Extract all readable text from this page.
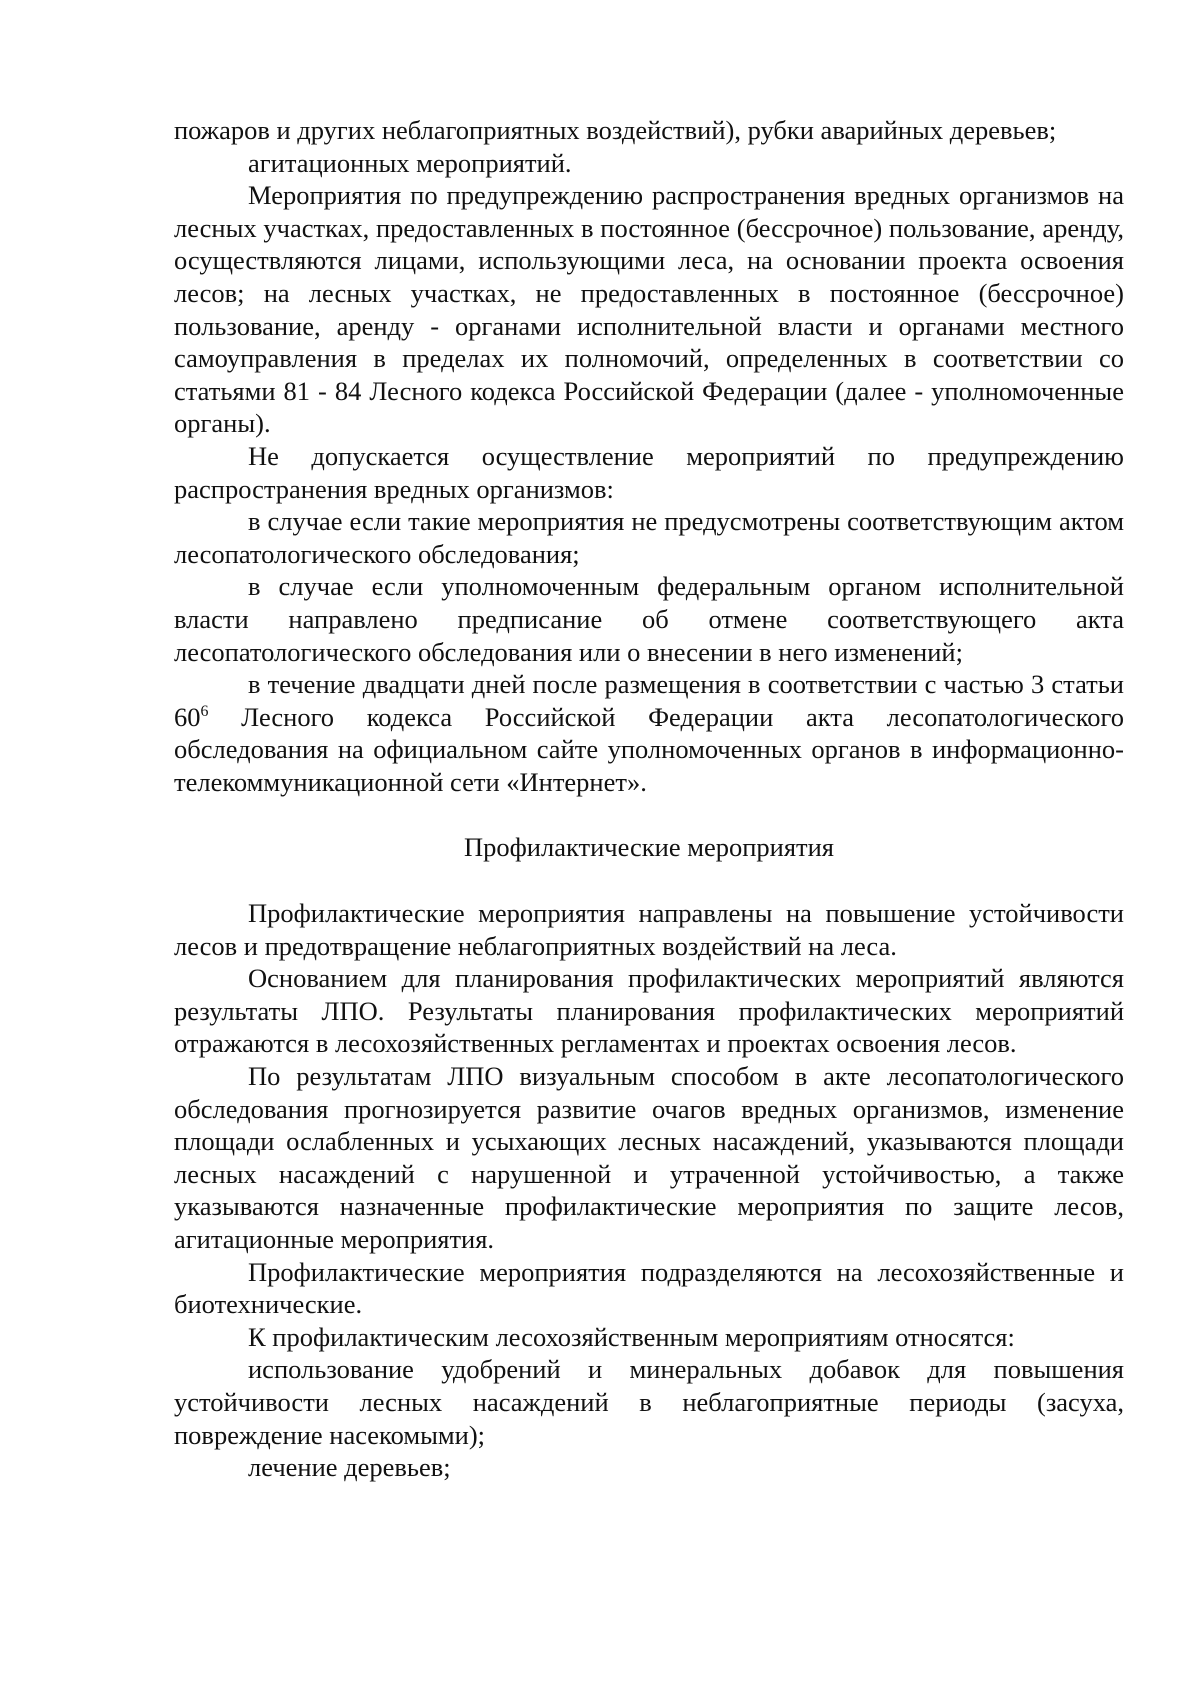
пожаров и других неблагоприятных воздействий), рубки аварийных деревьев;

агитационных мероприятий.

Мероприятия по предупреждению распространения вредных организмов на лесных участках, предоставленных в постоянное (бессрочное) пользование, аренду, осуществляются лицами, использующими леса, на основании проекта освоения лесов; на лесных участках, не предоставленных в постоянное (бессрочное) пользование, аренду - органами исполнительной власти и органами местного самоуправления в пределах их полномочий, определенных в соответствии со статьями 81 - 84 Лесного кодекса Российской Федерации (далее - уполномоченные органы).

Не допускается осуществление мероприятий по предупреждению распространения вредных организмов:

в случае если такие мероприятия не предусмотрены соответствующим актом лесопатологического обследования;

в случае если уполномоченным федеральным органом исполнительной власти направлено предписание об отмене соответствующего акта лесопатологического обследования или о внесении в него изменений;

в течение двадцати дней после размещения в соответствии с частью 3 статьи $60^6$ Лесного кодекса Российской Федерации акта лесопатологического обследования на официальном сайте уполномоченных органов в информационно-телекоммуникационной сети «Интернет».

Профилактические мероприятия

Профилактические мероприятия направлены на повышение устойчивости лесов и предотвращение неблагоприятных воздействий на леса.

Основанием для планирования профилактических мероприятий являются результаты ЛПО. Результаты планирования профилактических мероприятий отражаются в лесохозяйственных регламентах и проектах освоения лесов.

По результатам ЛПО визуальным способом в акте лесопатологического обследования прогнозируется развитие очагов вредных организмов, изменение площади ослабленных и усыхающих лесных насаждений, указываются площади лесных насаждений с нарушенной и утраченной устойчивостью, а также указываются назначенные профилактические мероприятия по защите лесов, агитационные мероприятия.

Профилактические мероприятия подразделяются на лесохозяйственные и биотехнические.

К профилактическим лесохозяйственным мероприятиям относятся:

использование удобрений и минеральных добавок для повышения устойчивости лесных насаждений в неблагоприятные периоды (засуха, повреждение насекомыми);

лечение деревьев;
